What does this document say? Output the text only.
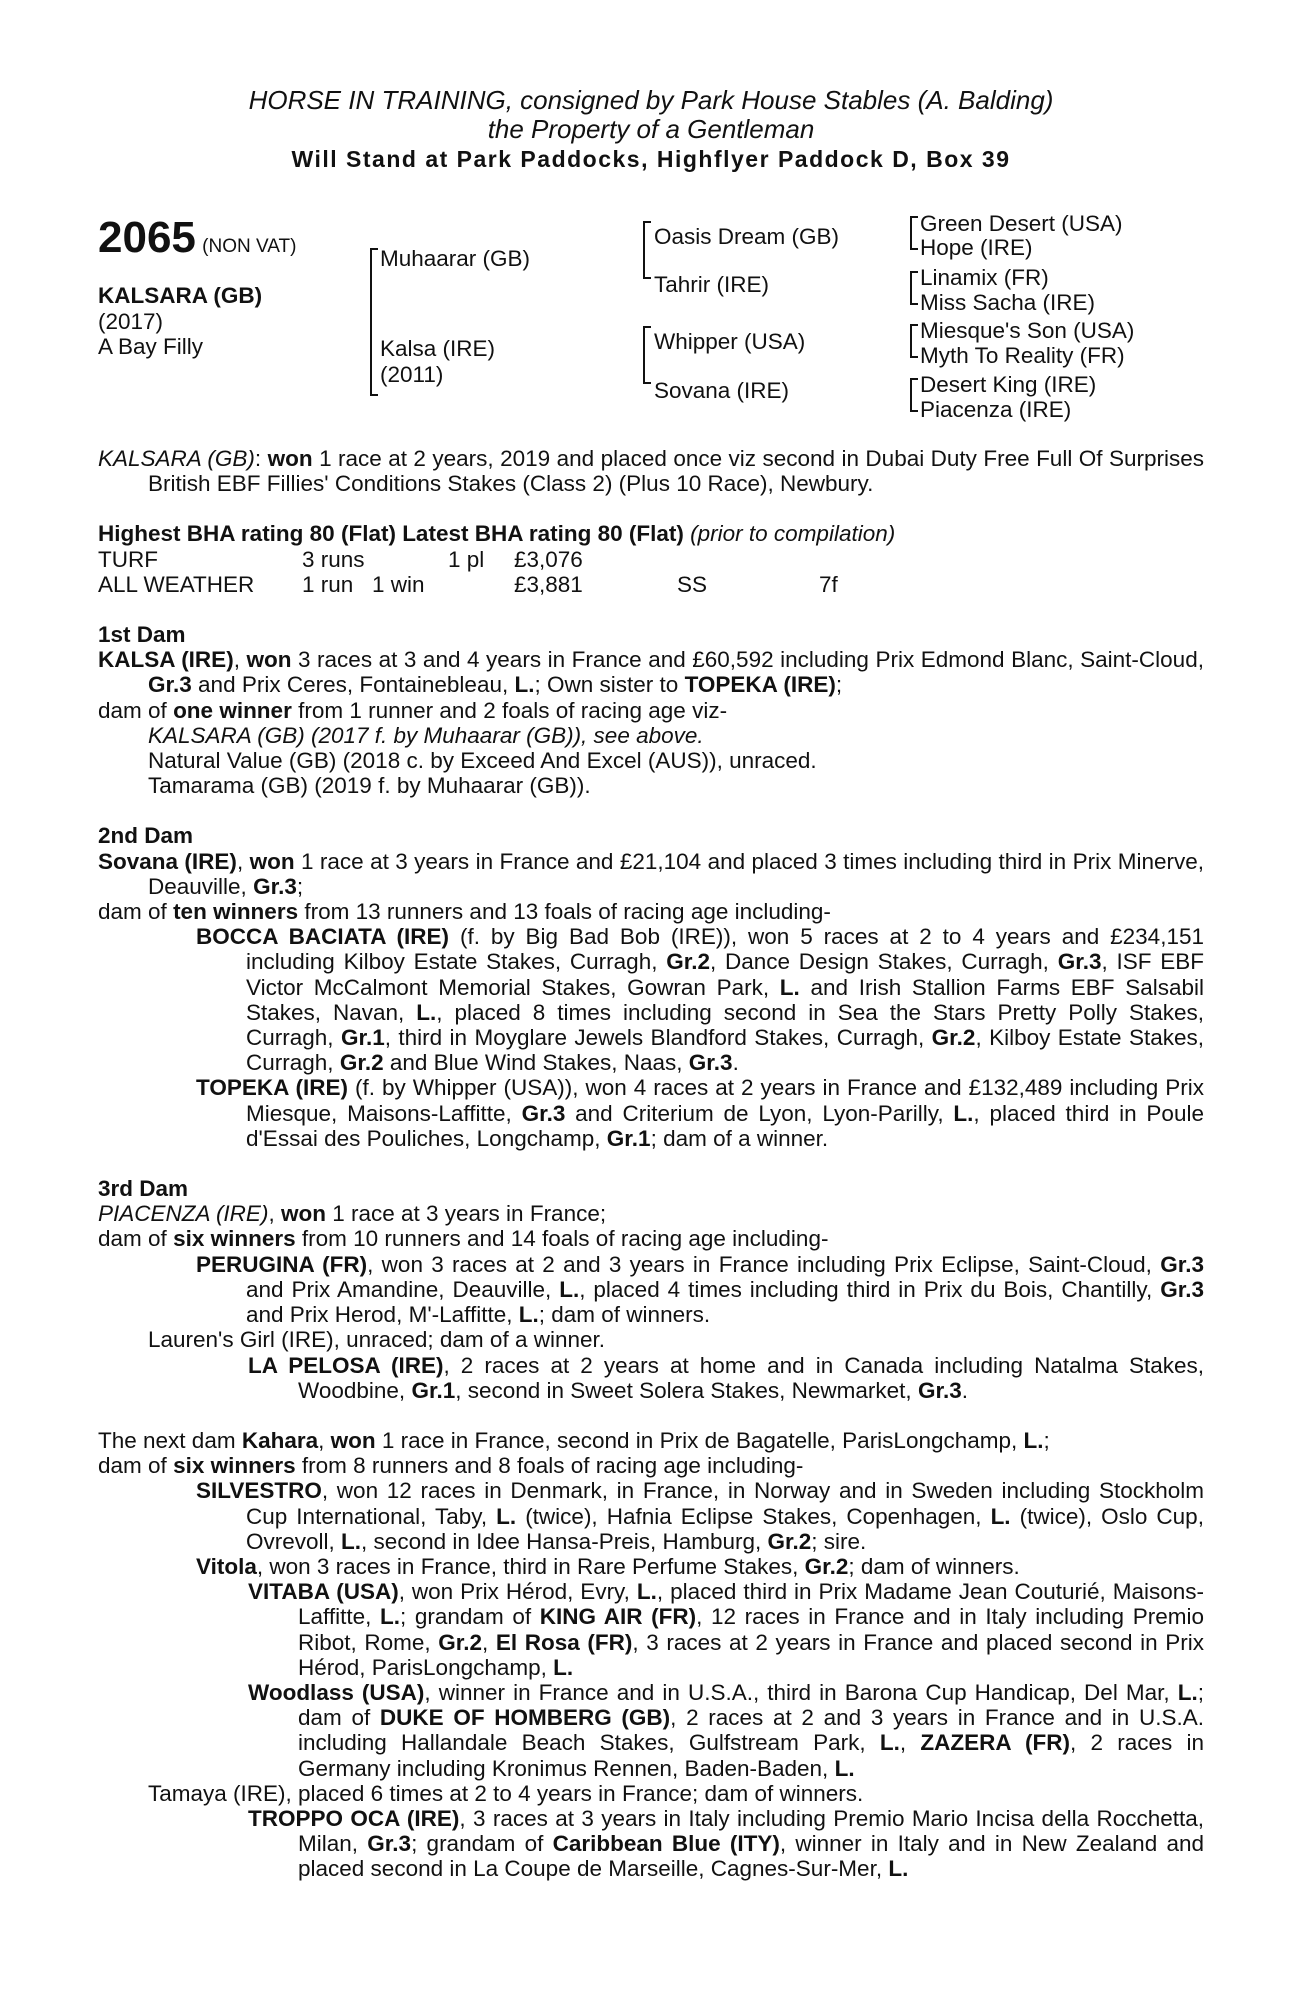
HORSE IN TRAINING, consigned by Park House Stables (A. Balding)
the Property of a Gentleman
Will Stand at Park Paddocks, Highflyer Paddock D, Box 39
2065 (NON VAT)
KALSARA (GB)
(2017)
A Bay Filly
Muhaarar (GB)
Kalsa (IRE)
(2011)
Oasis Dream (GB)
Tahrir (IRE)
Whipper (USA)
Sovana (IRE)
Green Desert (USA)
Hope (IRE)
Linamix (FR)
Miss Sacha (IRE)
Miesque's Son (USA)
Myth To Reality (FR)
Desert King (IRE)
Piacenza (IRE)
KALSARA (GB): won 1 race at 2 years, 2019 and placed once viz second in Dubai Duty Free Full Of Surprises British EBF Fillies' Conditions Stakes (Class 2) (Plus 10 Race), Newbury.
Highest BHA rating 80 (Flat) Latest BHA rating 80 (Flat) (prior to compilation)
TURF	3 runs		1 pl	£3,076		
ALL WEATHER	1 run	1 win		£3,881	SS	7f
1st Dam
KALSA (IRE), won 3 races at 3 and 4 years in France and £60,592 including Prix Edmond Blanc, Saint-Cloud, Gr.3 and Prix Ceres, Fontainebleau, L.; Own sister to TOPEKA (IRE);
dam of one winner from 1 runner and 2 foals of racing age viz-
KALSARA (GB) (2017 f. by Muhaarar (GB)), see above.
Natural Value (GB) (2018 c. by Exceed And Excel (AUS)), unraced.
Tamarama (GB) (2019 f. by Muhaarar (GB)).
2nd Dam
Sovana (IRE), won 1 race at 3 years in France and £21,104 and placed 3 times including third in Prix Minerve, Deauville, Gr.3;
dam of ten winners from 13 runners and 13 foals of racing age including-
BOCCA BACIATA (IRE) (f. by Big Bad Bob (IRE)), won 5 races at 2 to 4 years and £234,151 including Kilboy Estate Stakes, Curragh, Gr.2, Dance Design Stakes, Curragh, Gr.3, ISF EBF Victor McCalmont Memorial Stakes, Gowran Park, L. and Irish Stallion Farms EBF Salsabil Stakes, Navan, L., placed 8 times including second in Sea the Stars Pretty Polly Stakes, Curragh, Gr.1, third in Moyglare Jewels Blandford Stakes, Curragh, Gr.2, Kilboy Estate Stakes, Curragh, Gr.2 and Blue Wind Stakes, Naas, Gr.3.
TOPEKA (IRE) (f. by Whipper (USA)), won 4 races at 2 years in France and £132,489 including Prix Miesque, Maisons-Laffitte, Gr.3 and Criterium de Lyon, Lyon-Parilly, L., placed third in Poule d'Essai des Pouliches, Longchamp, Gr.1; dam of a winner.
3rd Dam
PIACENZA (IRE), won 1 race at 3 years in France;
dam of six winners from 10 runners and 14 foals of racing age including-
PERUGINA (FR), won 3 races at 2 and 3 years in France including Prix Eclipse, Saint-Cloud, Gr.3 and Prix Amandine, Deauville, L., placed 4 times including third in Prix du Bois, Chantilly, Gr.3 and Prix Herod, M'-Laffitte, L.; dam of winners.
Lauren's Girl (IRE), unraced; dam of a winner.
LA PELOSA (IRE), 2 races at 2 years at home and in Canada including Natalma Stakes, Woodbine, Gr.1, second in Sweet Solera Stakes, Newmarket, Gr.3.
The next dam Kahara, won 1 race in France, second in Prix de Bagatelle, ParisLongchamp, L.;
dam of six winners from 8 runners and 8 foals of racing age including-
SILVESTRO, won 12 races in Denmark, in France, in Norway and in Sweden including Stockholm Cup International, Taby, L. (twice), Hafnia Eclipse Stakes, Copenhagen, L. (twice), Oslo Cup, Ovrevoll, L., second in Idee Hansa-Preis, Hamburg, Gr.2; sire.
Vitola, won 3 races in France, third in Rare Perfume Stakes, Gr.2; dam of winners.
VITABA (USA), won Prix Hérod, Evry, L., placed third in Prix Madame Jean Couturié, Maisons-Laffitte, L.; grandam of KING AIR (FR), 12 races in France and in Italy including Premio Ribot, Rome, Gr.2, El Rosa (FR), 3 races at 2 years in France and placed second in Prix Hérod, ParisLongchamp, L.
Woodlass (USA), winner in France and in U.S.A., third in Barona Cup Handicap, Del Mar, L.; dam of DUKE OF HOMBERG (GB), 2 races at 2 and 3 years in France and in U.S.A. including Hallandale Beach Stakes, Gulfstream Park, L., ZAZERA (FR), 2 races in Germany including Kronimus Rennen, Baden-Baden, L.
Tamaya (IRE), placed 6 times at 2 to 4 years in France; dam of winners.
TROPPO OCA (IRE), 3 races at 3 years in Italy including Premio Mario Incisa della Rocchetta, Milan, Gr.3; grandam of Caribbean Blue (ITY), winner in Italy and in New Zealand and placed second in La Coupe de Marseille, Cagnes-Sur-Mer, L.
